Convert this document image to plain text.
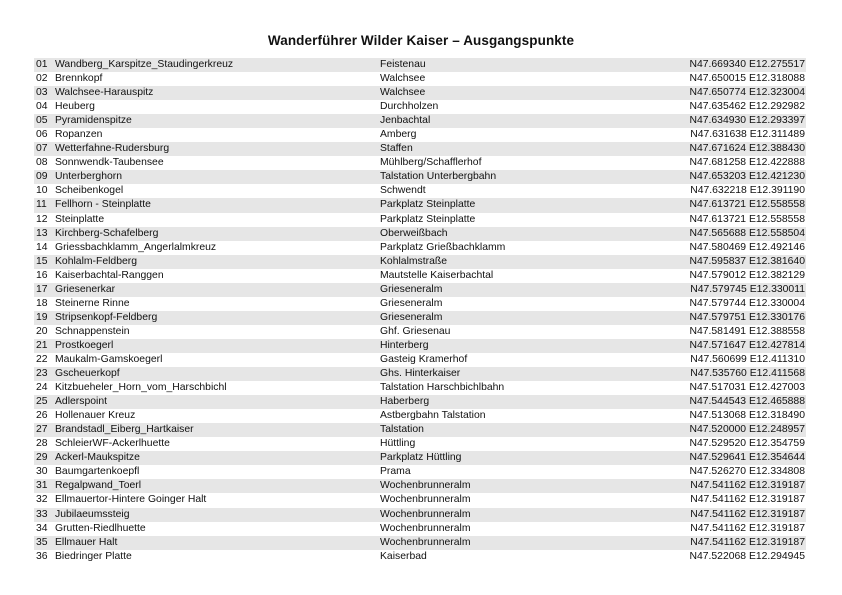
Wanderführer Wilder Kaiser – Ausgangspunkte
01 Wandberg_Karspitze_Staudingerkreuz	Feistenau	N47.669340 E12.275517
02 Brennkopf	Walchsee	N47.650015 E12.318088
03 Walchsee-Harauspitz	Walchsee	N47.650774 E12.323004
04 Heuberg	Durchholzen	N47.635462 E12.292982
05 Pyramidenspitze	Jenbachtal	N47.634930 E12.293397
06 Ropanzen	Amberg	N47.631638 E12.311489
07 Wetterfahne-Rudersburg	Staffen	N47.671624 E12.388430
08 Sonnwendk-Taubensee	Mühlberg/Schafflerhof	N47.681258 E12.422888
09 Unterberghorn	Talstation Unterbergbahn	N47.653203 E12.421230
10 Scheibenkogel	Schwendt	N47.632218 E12.391190
11 Fellhorn - Steinplatte	Parkplatz Steinplatte	N47.613721 E12.558558
12 Steinplatte	Parkplatz Steinplatte	N47.613721 E12.558558
13 Kirchberg-Schafelberg	Oberweißbach	N47.565688 E12.558504
14 Griessbachklamm_Angerlalmkreuz	Parkplatz Grießbachklamm	N47.580469 E12.492146
15 Kohlalm-Feldberg	Kohlalmstraße	N47.595837 E12.381640
16 Kaiserbachtal-Ranggen	Mautstelle Kaiserbachtal	N47.579012 E12.382129
17 Griesenerkar	Grieseneralm	N47.579745 E12.330011
18 Steinerne Rinne	Grieseneralm	N47.579744 E12.330004
19 Stripsenkopf-Feldberg	Grieseneralm	N47.579751 E12.330176
20 Schnappenstein	Ghf. Griesenau	N47.581491 E12.388558
21 Prostkoegerl	Hinterberg	N47.571647 E12.427814
22 Maukalm-Gamskoegerl	Gasteig Kramerhof	N47.560699 E12.411310
23 Gscheuerkopf	Ghs. Hinterkaiser	N47.535760 E12.411568
24 Kitzbueheler_Horn_vom_Harschbichl	Talstation Harschbichlbahn	N47.517031 E12.427003
25 Adlerspoint	Haberberg	N47.544543 E12.465888
26 Hollenauer Kreuz	Astbergbahn Talstation	N47.513068 E12.318490
27 Brandstadl_Eiberg_Hartkaiser	Talstation	N47.520000 E12.248957
28 SchleierWF-Ackerlhuette	Hüttling	N47.529520 E12.354759
29 Ackerl-Maukspitze	Parkplatz Hüttling	N47.529641 E12.354644
30 Baumgartenkoepfl	Prama	N47.526270 E12.334808
31 Regalpwand_Toerl	Wochenbrunneralm	N47.541162 E12.319187
32 Ellmauertor-Hintere Goinger Halt	Wochenbrunneralm	N47.541162 E12.319187
33 Jubilaeumssteig	Wochenbrunneralm	N47.541162 E12.319187
34 Grutten-Riedlhuette	Wochenbrunneralm	N47.541162 E12.319187
35 Ellmauer Halt	Wochenbrunneralm	N47.541162 E12.319187
36 Biedringer Platte	Kaiserbad	N47.522068 E12.294945
